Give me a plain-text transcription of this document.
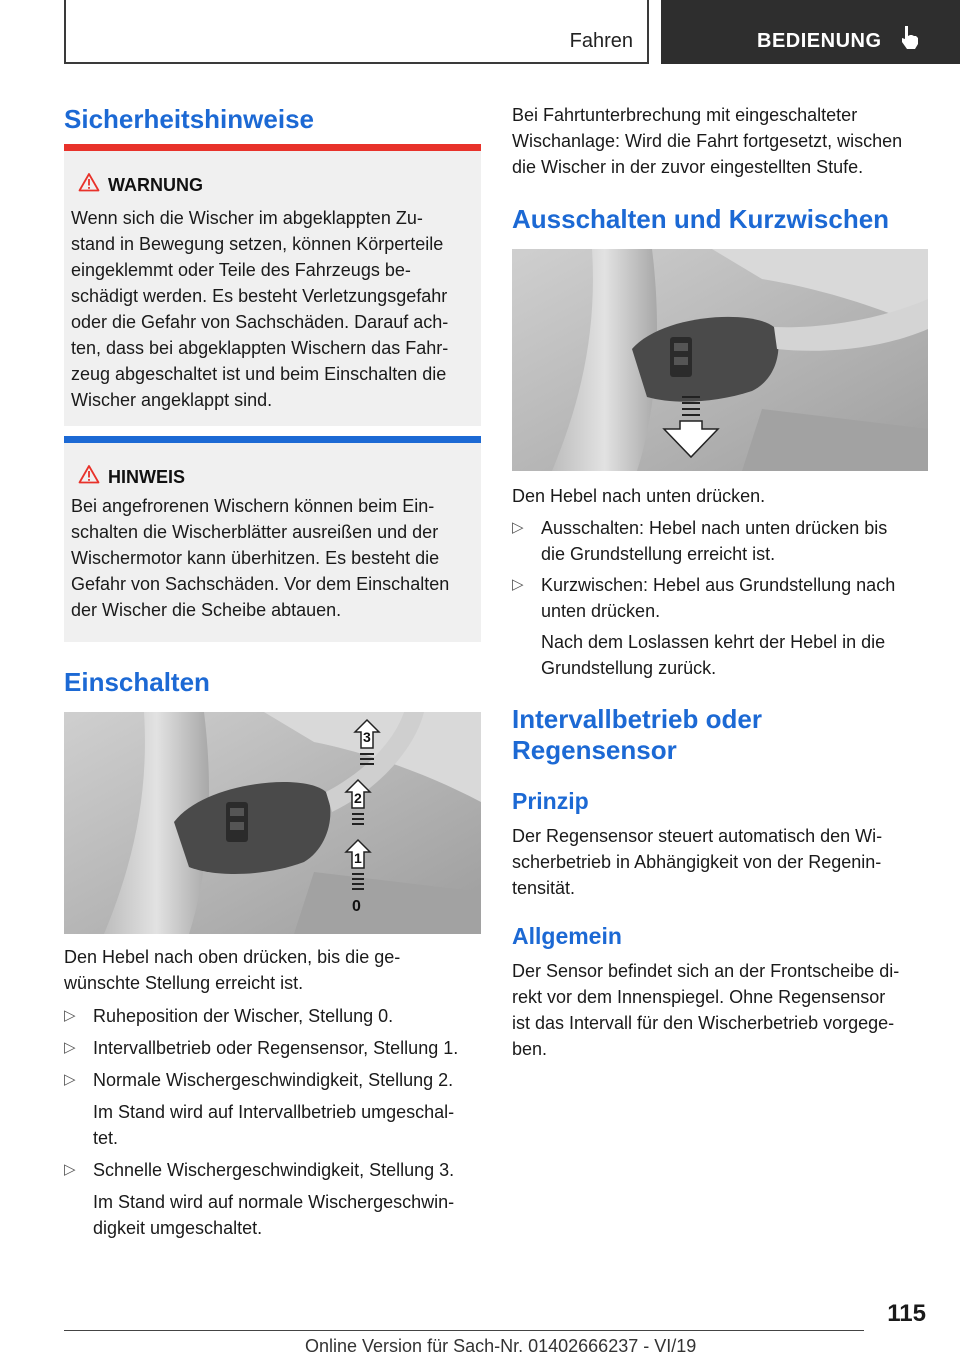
Fahren	BEDIENUNG
Sicherheitshinweise
WARNUNG
Wenn sich die Wischer im abgeklappten Zu-
stand in Bewegung setzen, können Körperteile
eingeklemmt oder Teile des Fahrzeugs be-
schädigt werden. Es besteht Verletzungsgefahr
oder die Gefahr von Sachschäden. Darauf ach-
ten, dass bei abgeklappten Wischern das Fahr-
zeug abgeschaltet ist und beim Einschalten die
Wischer angeklappt sind.
HINWEIS
Bei angefrorenen Wischern können beim Ein-
schalten die Wischerblätter ausreißen und der
Wischermotor kann überhitzen. Es besteht die
Gefahr von Sachschäden. Vor dem Einschalten
der Wischer die Scheibe abtauen.
Einschalten
3
2
1
0
Den Hebel nach oben drücken, bis die ge-
wünschte Stellung erreicht ist.
▷ Ruheposition der Wischer, Stellung 0.
▷ Intervallbetrieb oder Regensensor, Stellung 1.
▷ Normale Wischergeschwindigkeit, Stellung 2.
Im Stand wird auf Intervallbetrieb umgeschal-
tet.
▷ Schnelle Wischergeschwindigkeit, Stellung 3.
Im Stand wird auf normale Wischergeschwin-
digkeit umgeschaltet.
Bei Fahrtunterbrechung mit eingeschalteter
Wischanlage: Wird die Fahrt fortgesetzt, wischen
die Wischer in der zuvor eingestellten Stufe.
Ausschalten und Kurzwischen
Den Hebel nach unten drücken.
▷ Ausschalten: Hebel nach unten drücken bis
die Grundstellung erreicht ist.
▷ Kurzwischen: Hebel aus Grundstellung nach
unten drücken.
Nach dem Loslassen kehrt der Hebel in die
Grundstellung zurück.
Intervallbetrieb oder
Regensensor
Prinzip
Der Regensensor steuert automatisch den Wi-
scherbetrieb in Abhängigkeit von der Regenin-
tensität.
Allgemein
Der Sensor befindet sich an der Frontscheibe di-
rekt vor dem Innenspiegel. Ohne Regensensor
ist das Intervall für den Wischerbetrieb vorgege-
ben.
115
Online Version für Sach-Nr. 01402666237 - VI/19
